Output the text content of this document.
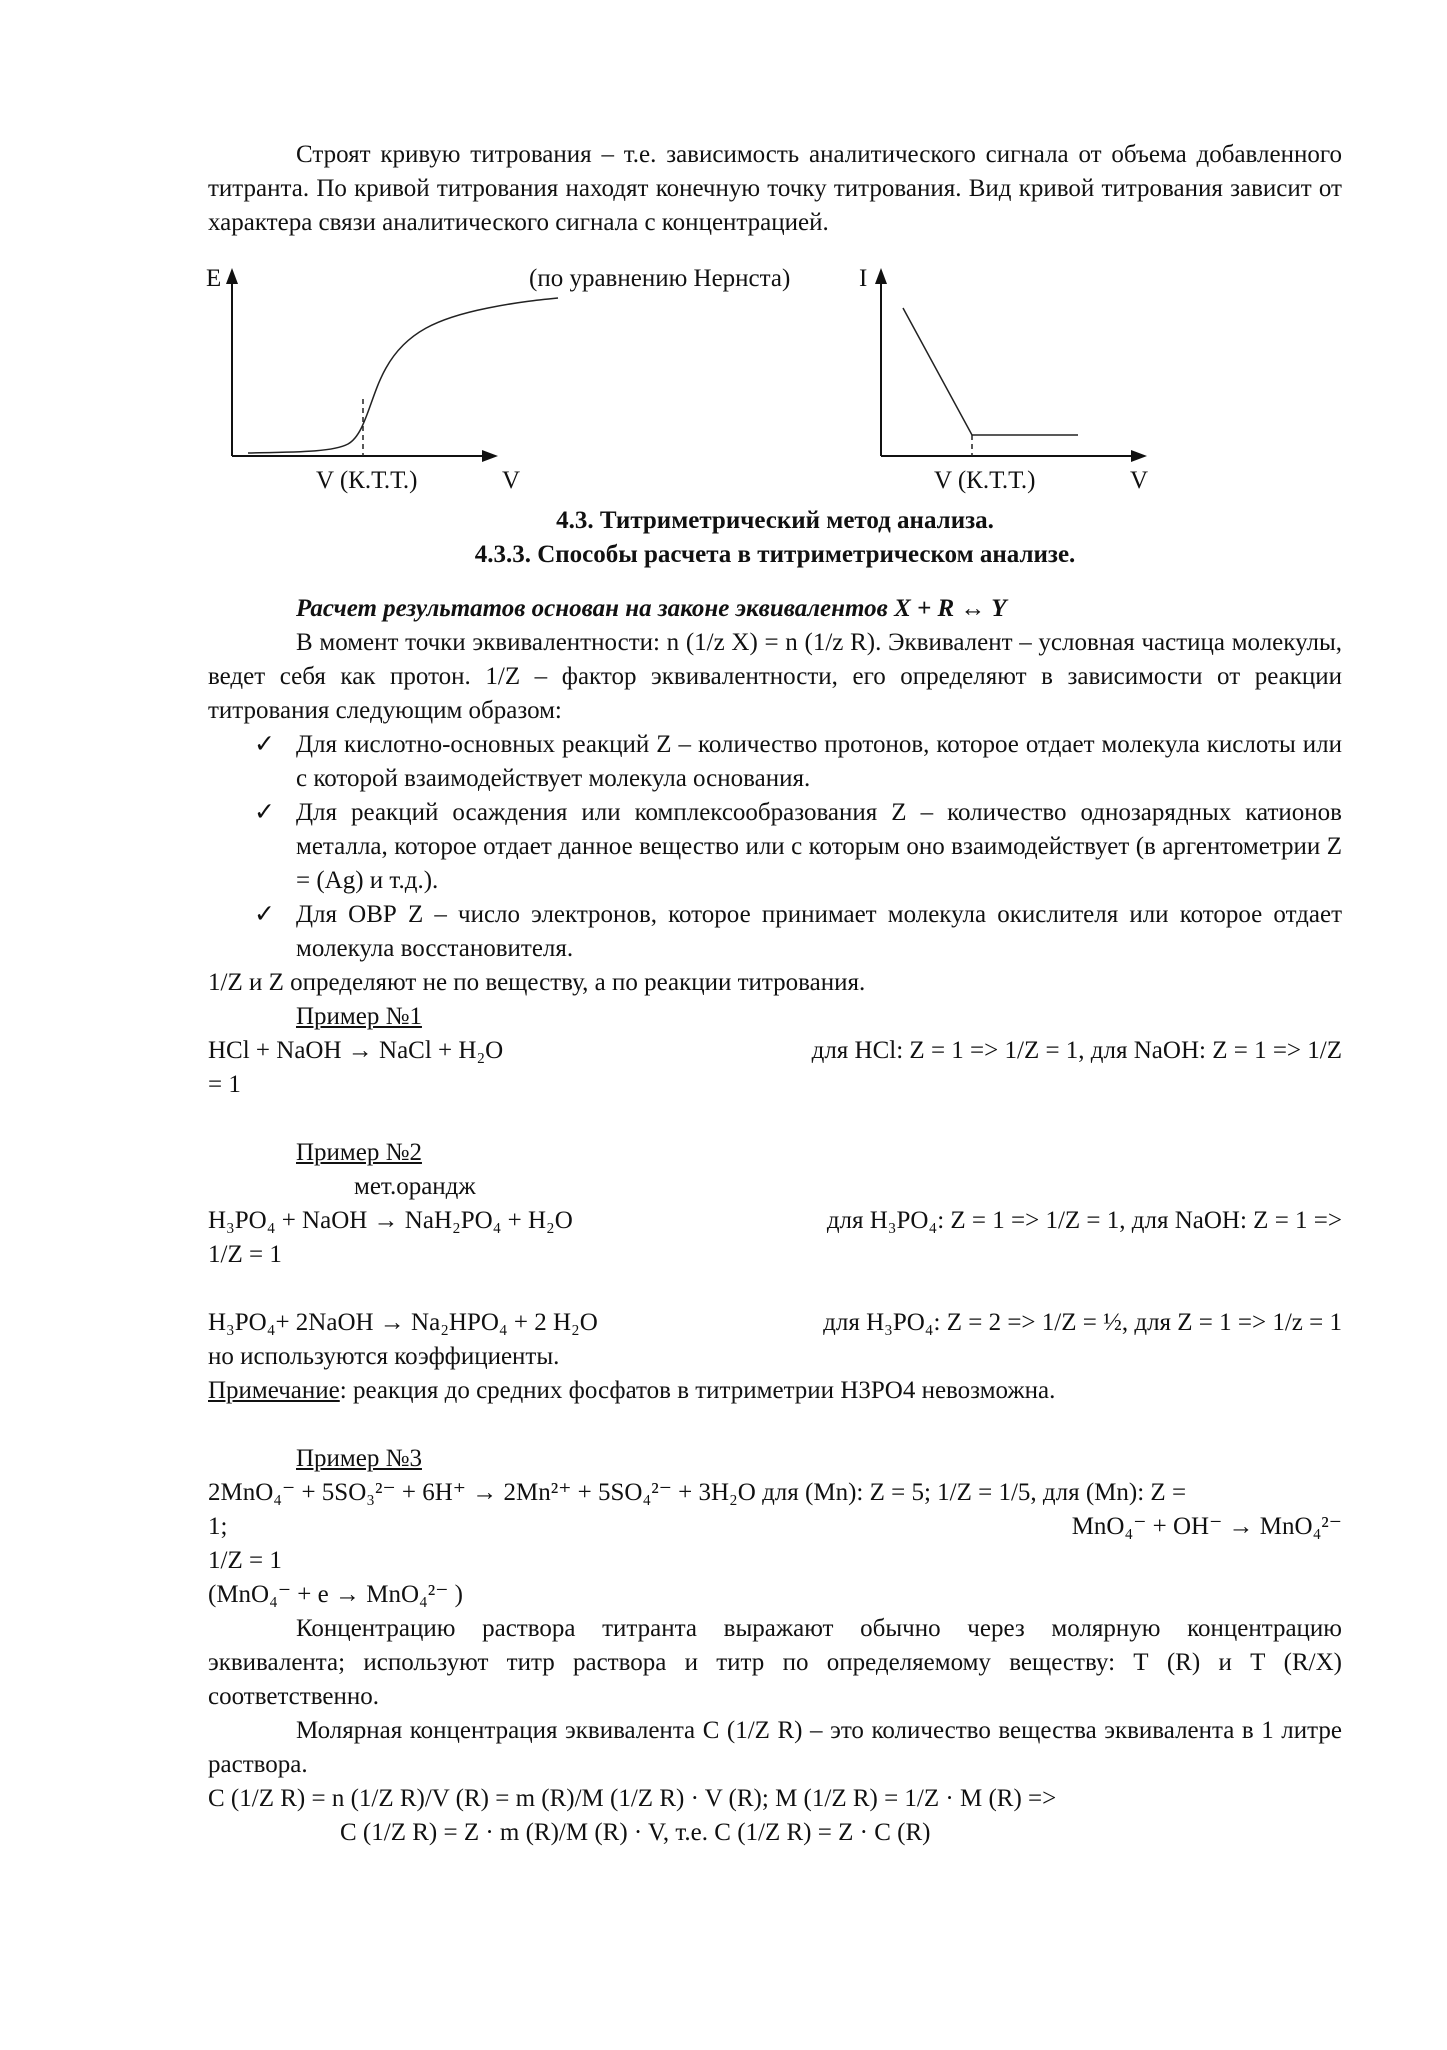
Строят кривую титрования – т.е. зависимость аналитического сигнала от объема добавленного титранта. По кривой титрования находят конечную точку титрования. Вид кривой титрования зависит от характера связи аналитического сигнала с концентрацией.

E	(по уравнению Нернста)	I
V (К.Т.Т.)	V	V (К.Т.Т.)	V

4.3. Титриметрический метод анализа.

4.3.3. Способы расчета в титриметрическом анализе.

Расчет результатов основан на законе эквивалентов X + R ↔ Y

В момент точки эквивалентности: n (1/z X) = n (1/z R). Эквивалент – условная частица молекулы, ведет себя как протон. 1/Z – фактор эквивалентности, его определяют в зависимости от реакции титрования следующим образом:

✓ Для кислотно-основных реакций Z – количество протонов, которое отдает молекула кислоты или с которой взаимодействует молекула основания.
✓ Для реакций осаждения или комплексообразования Z – количество однозарядных катионов металла, которое отдает данное вещество или с которым оно взаимодействует (в аргентометрии Z = (Ag) и т.д.).
✓ Для ОВР Z – число электронов, которое принимает молекула окислителя или которое отдает молекула восстановителя.

1/Z и Z определяют не по веществу, а по реакции титрования.

Пример №1

HCl + NaOH → NaCl + H₂O	для HCl: Z = 1 => 1/Z = 1, для NaOH: Z = 1 => 1/Z

= 1

Пример №2

мет.орандж

H₃PO₄ + NaOH → NaH₂PO₄ + H₂O	для H₃PO₄: Z = 1 => 1/Z = 1, для NaOH: Z = 1 =>

1/Z = 1

H₃PO₄+ 2NaOH → Na₂HPO₄ + 2 H₂O	для H₃PO₄: Z = 2 => 1/Z = ½, для Z = 1 => 1/z = 1

но используются коэффициенты.

Примечание: реакция до средних фосфатов в титриметрии H3PO4 невозможна.

Пример №3

2MnO₄⁻ + 5SO₃²⁻ + 6H⁺ → 2Mn²⁺ + 5SO₄²⁻ + 3H₂O для (Mn): Z = 5; 1/Z = 1/5, для (Mn): Z =

1;	MnO₄⁻ + OH⁻ → MnO₄²⁻

1/Z = 1

(MnO₄⁻ + e → MnO₄²⁻ )

Концентрацию раствора титранта выражают обычно через молярную концентрацию эквивалента; используют титр раствора и титр по определяемому веществу: Т (R) и Т (R/X) соответственно.

Молярная концентрация эквивалента С (1/Z R) – это количество вещества эквивалента в 1 литре раствора.

С (1/Z R) = n (1/Z R)/V (R) = m (R)/M (1/Z R) · V (R); M (1/Z R) = 1/Z · M (R) =>

С (1/Z R) = Z · m (R)/M (R) · V, т.е. С (1/Z R) = Z · C (R)
